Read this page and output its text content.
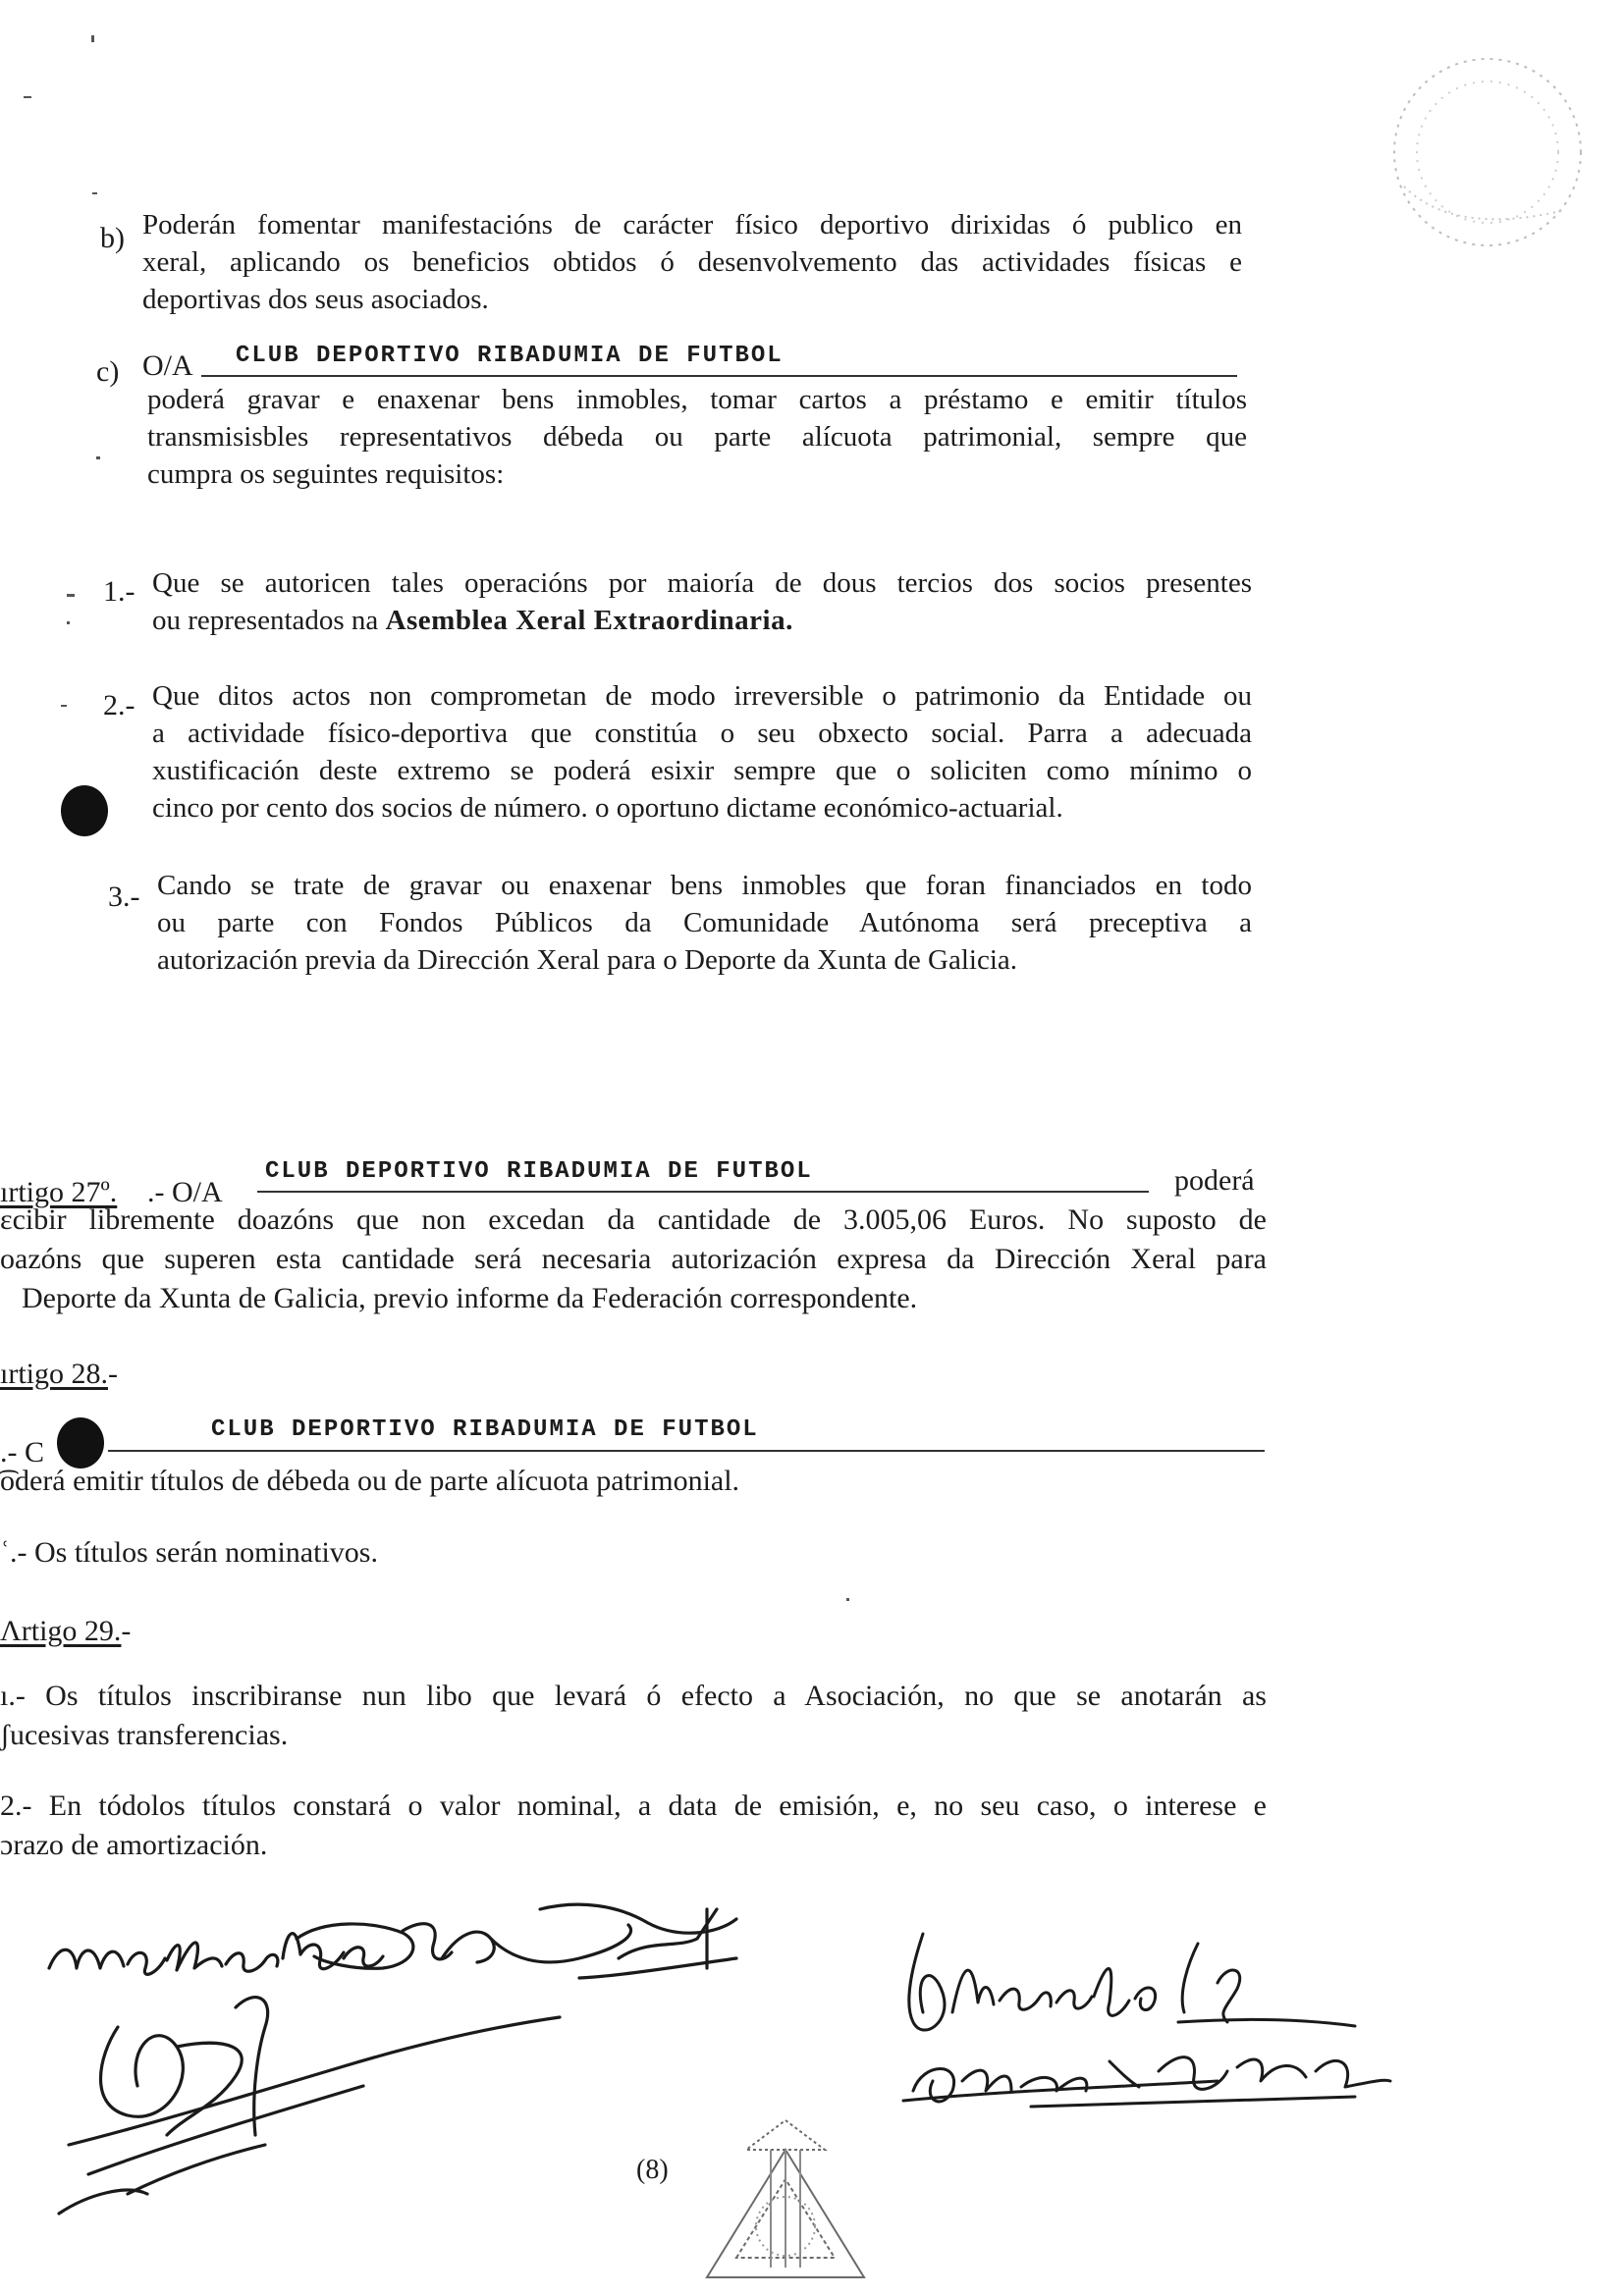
b) Poderán fomentar manifestacións de carácter físico deportivo dirixidas ó publico en
xeral, aplicando os beneficios obtidos ó desenvolvemento das actividades físicas e
deportivas dos seus asociados.
c) O/A CLUB DEPORTIVO RIBADUMIA DE FUTBOL
poderá gravar e enaxenar bens inmobles, tomar cartos a préstamo e emitir títulos
transmisisbles representativos débeda ou parte alícuota patrimonial, sempre que
cumpra os seguintes requisitos:
1.- Que se autoricen tales operacións por maioría de dous tercios dos socios presentes
ou representados na Asemblea Xeral Extraordinaria.
2.- Que ditos actos non comprometan de modo irreversible o patrimonio da Entidade ou
a actividade físico-deportiva que constitúa o seu obxecto social. Parra a adecuada
xustificación deste extremo se poderá esixir sempre que o soliciten como mínimo o
cinco por cento dos socios de número. o oportuno dictame económico-actuarial.
3.- Cando se trate de gravar ou enaxenar bens inmobles que foran financiados en todo
ou parte con Fondos Públicos da Comunidade Autónoma será preceptiva a
autorización previa da Dirección Xeral para o Deporte da Xunta de Galicia.
ırtigo 27º. .- O/A
CLUB DEPORTIVO RIBADUMIA DE FUTBOL	poderá
ɛcibir libremente doazóns que non excedan da cantidade de 3.005,06 Euros. No suposto de
oazóns que superen esta cantidade será necesaria autorización expresa da Dirección Xeral para
Deporte da Xunta de Galicia, previo informe da Federación correspondente.
ırtigo 28.-
.- C
CLUB DEPORTIVO RIBADUMIA DE FUTBOL
͡oderá emitir títulos de débeda ou de parte alícuota patrimonial.
ʿ.- Os títulos serán nominativos.
Ʌrtigo 29.-
ı.- Os títulos inscribiranse nun libo que levará ó efecto a Asociación, no que se anotarán as
ʃucesivas transferencias.
2.- En tódolos títulos constará o valor nominal, a data de emisión, e, no seu caso, o interese e
ɔrazo de amortización.
(8)
